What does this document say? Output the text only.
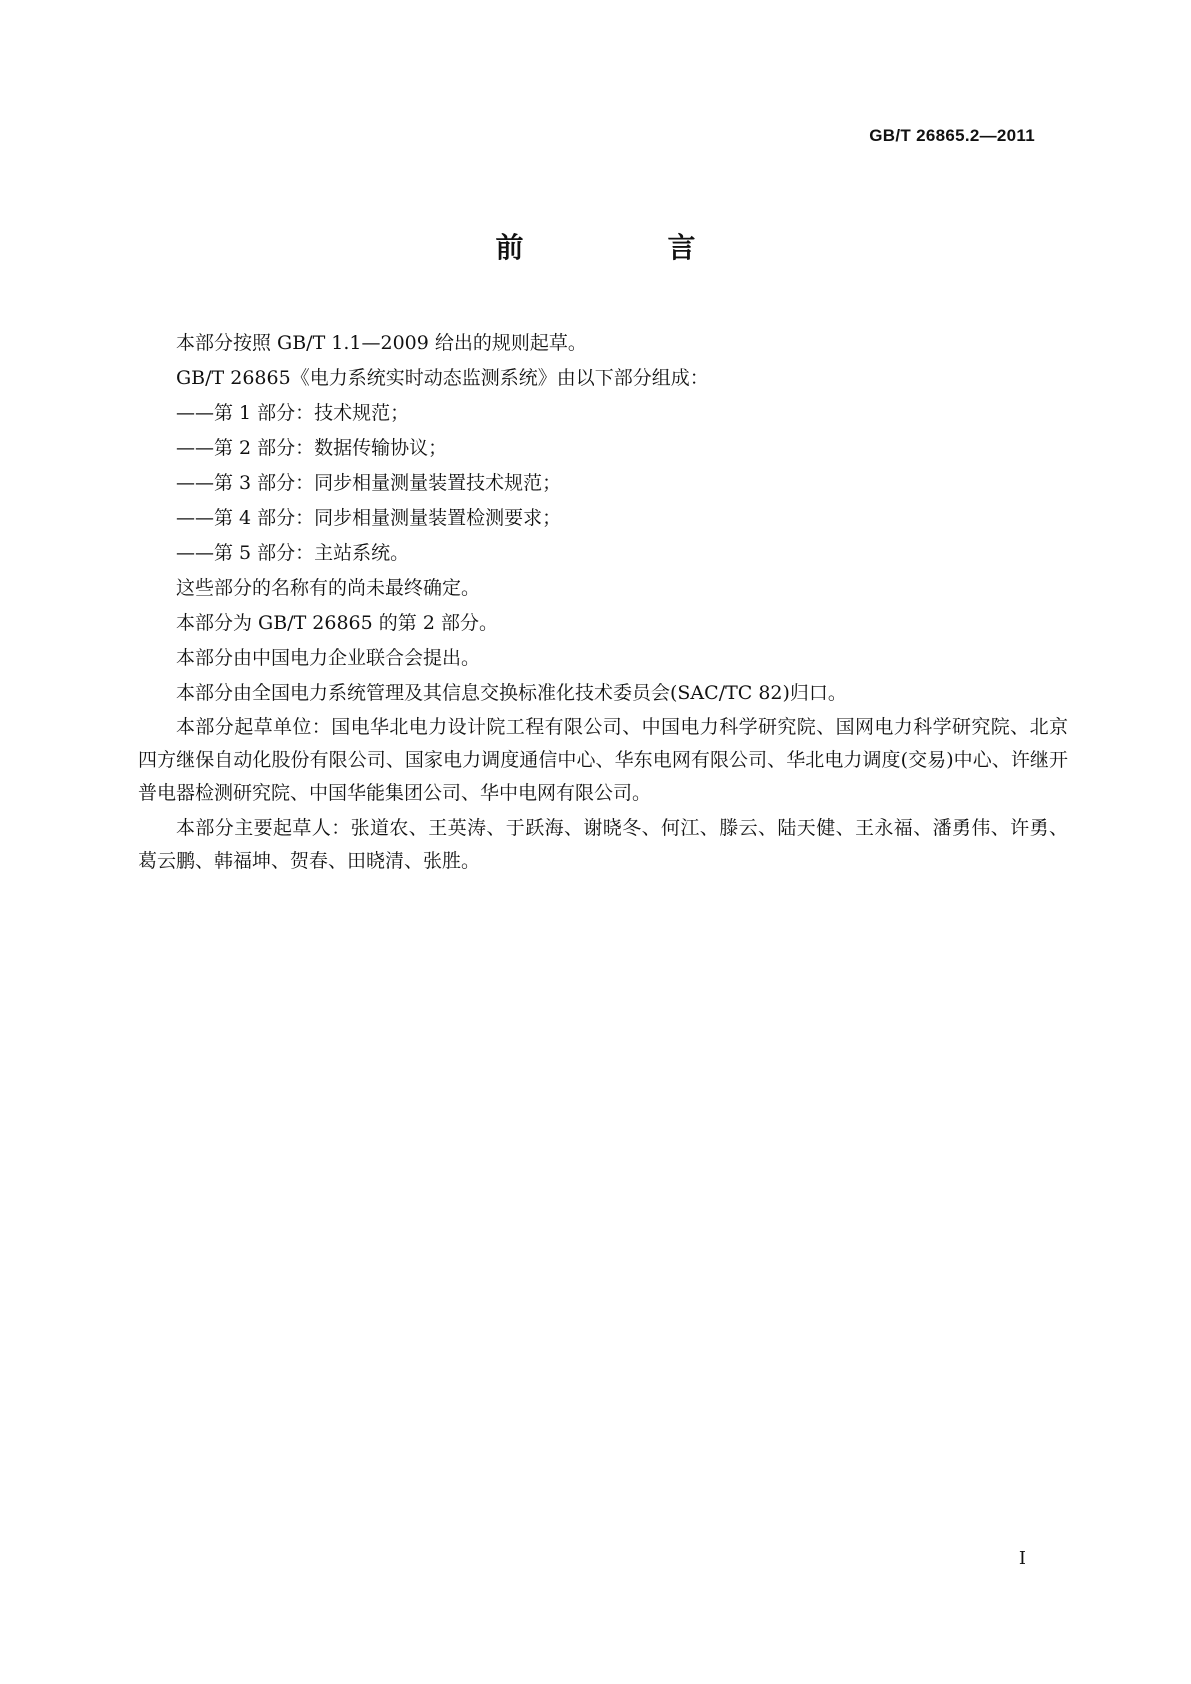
GB/T 26865.2—2011
前　言

本部分按照 GB/T 1.1—2009 给出的规则起草。

GB/T 26865《电力系统实时动态监测系统》由以下部分组成：

——第 1 部分：技术规范；

——第 2 部分：数据传输协议；

——第 3 部分：同步相量测量装置技术规范；

——第 4 部分：同步相量测量装置检测要求；

——第 5 部分：主站系统。

这些部分的名称有的尚未最终确定。

本部分为 GB/T 26865 的第 2 部分。

本部分由中国电力企业联合会提出。

本部分由全国电力系统管理及其信息交换标准化技术委员会(SAC/TC 82)归口。

本部分起草单位：国电华北电力设计院工程有限公司、中国电力科学研究院、国网电力科学研究院、北京四方继保自动化股份有限公司、国家电力调度通信中心、华东电网有限公司、华北电力调度(交易)中心、许继开普电器检测研究院、中国华能集团公司、华中电网有限公司。

本部分主要起草人：张道农、王英涛、于跃海、谢晓冬、何江、滕云、陆天健、王永福、潘勇伟、许勇、葛云鹏、韩福坤、贺春、田晓清、张胜。

I
